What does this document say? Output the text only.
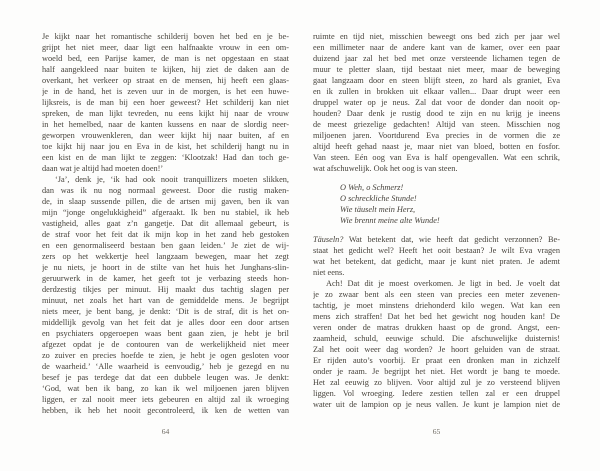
Je kijkt naar het romantische schilderij boven het bed en je be-
grijpt het niet meer, daar ligt een halfnaakte vrouw in een om-
woeld bed, een Parijse kamer, de man is net opgestaan en staat
half aangekleed naar buiten te kijken, hij ziet de daken aan de
overkant, het verkeer op straat en de mensen, hij heeft een glaas-
je in de hand, het is zeven uur in de morgen, is het een huwe-
lijksreis, is de man bij een hoer geweest? Het schilderij kan niet
spreken, de man lijkt tevreden, nu eens kijkt hij naar de vrouw
in het hemelbed, naar de kanten kussens en naar de slordig neer-
geworpen vrouwenkleren, dan weer kijkt hij naar buiten, af en
toe kijkt hij naar jou en Eva in de kist, het schilderij hangt nu in
een kist en de man lijkt te zeggen: ‘Klootzak! Had dan toch ge-
daan wat je altijd had moeten doen!’
‘Ja’, denk je, ‘ik had ook nooit tranquillizers moeten slikken,
dan was ik nu nog normaal geweest. Door die rustig maken-
de, in slaap sussende pillen, die de artsen mij gaven, ben ik van
mijn “jonge ongelukkigheid” afgeraakt. Ik ben nu stabiel, ik heb
vastigheid, alles gaat z’n gangetje. Dat dit allemaal gebeurt, is
de straf voor het feit dat ik mijn kop in het zand heb gestoken
en een genormaliseerd bestaan ben gaan leiden.’ Je ziet de wij-
zers op het wekkertje heel langzaam bewegen, maar het zegt
je nu niets, je hoort in de stilte van het huis het Junghans-slin-
geruurwerk in de kamer, het geeft tot je verbazing steeds hon-
derdzestig tikjes per minuut. Hij maakt dus tachtig slagen per
minuut, net zoals het hart van de gemiddelde mens. Je begrijpt
niets meer, je bent bang, je denkt: ‘Dit is de straf, dit is het on-
middellijk gevolg van het feit dat je alles door een door artsen
en psychiaters opgeroepen waas bent gaan zien, je hebt je bril
afgezet opdat je de contouren van de werkelijkheid niet meer
zo zuiver en precies hoefde te zien, je hebt je ogen gesloten voor
de waarheid.’ ‘Alle waarheid is eenvoudig,’ heb je gezegd en nu
besef je pas terdege dat dat een dubbele leugen was. Je denkt:
‘God, wat ben ik bang, zo kan ik wel miljoenen jaren blijven
liggen, er zal nooit meer iets gebeuren en altijd zal ik wroeging
hebben, ik heb het nooit gecontroleerd, ik ken de wetten van
ruimte en tijd niet, misschien beweegt ons bed zich per jaar wel
een millimeter naar de andere kant van de kamer, over een paar
duizend jaar zal het bed met onze versteende lichamen tegen de
muur te pletter slaan, tijd bestaat niet meer, maar de beweging
gaat langzaam door en steen blijft steen, zo hard als graniet, Eva
en ik zullen in brokken uit elkaar vallen... Daar drupt weer een
druppel water op je neus. Zal dat voor de donder dan nooit op-
houden? Daar denk je rustig dood te zijn en nu krijg je ineens
de meest griezelige gedachten! Altijd van steen. Misschien nog
miljoenen jaren. Voortdurend Eva precies in de vormen die ze
altijd heeft gehad naast je, maar niet van bloed, botten en fosfor.
Van steen. Eén oog van Eva is half opengevallen. Wat een schrik,
wat afschuwelijk. Ook het oog is van steen.
O Weh, o Schmerz!
O schreckliche Stunde!
Wie täuselt mein Herz,
Wie brennt meine alte Wunde!
Täuseln? Wat betekent dat, wie heeft dat gedicht verzonnen? Be-
staat het gedicht wel? Heeft het ooit bestaan? Je wilt Eva vragen
wat het betekent, dat gedicht, maar je kunt niet praten. Je ademt
niet eens.
Ach! Dat dit je moest overkomen. Je ligt in bed. Je voelt dat
je zo zwaar bent als een steen van precies een meter zevenen-
tachtig, je moet minstens driehonderd kilo wegen. Wat kan een
mens zich straffen! Dat het bed het gewicht nog houden kan! De
veren onder de matras drukken haast op de grond. Angst, een-
zaamheid, schuld, eeuwige schuld. Die afschuwelijke duisternis!
Zal het ooit weer dag worden? Je hoort geluiden van de straat.
Er rijden auto’s voorbij. Er praat een dronken man in zichzelf
onder je raam. Je begrijpt het niet. Het wordt je bang te moede.
Het zal eeuwig zo blijven. Voor altijd zul je zo versteend blijven
liggen. Vol wroeging. Iedere zestien tellen zal er een druppel
water uit de lampion op je neus vallen. Je kunt je lampion niet de
64	65
